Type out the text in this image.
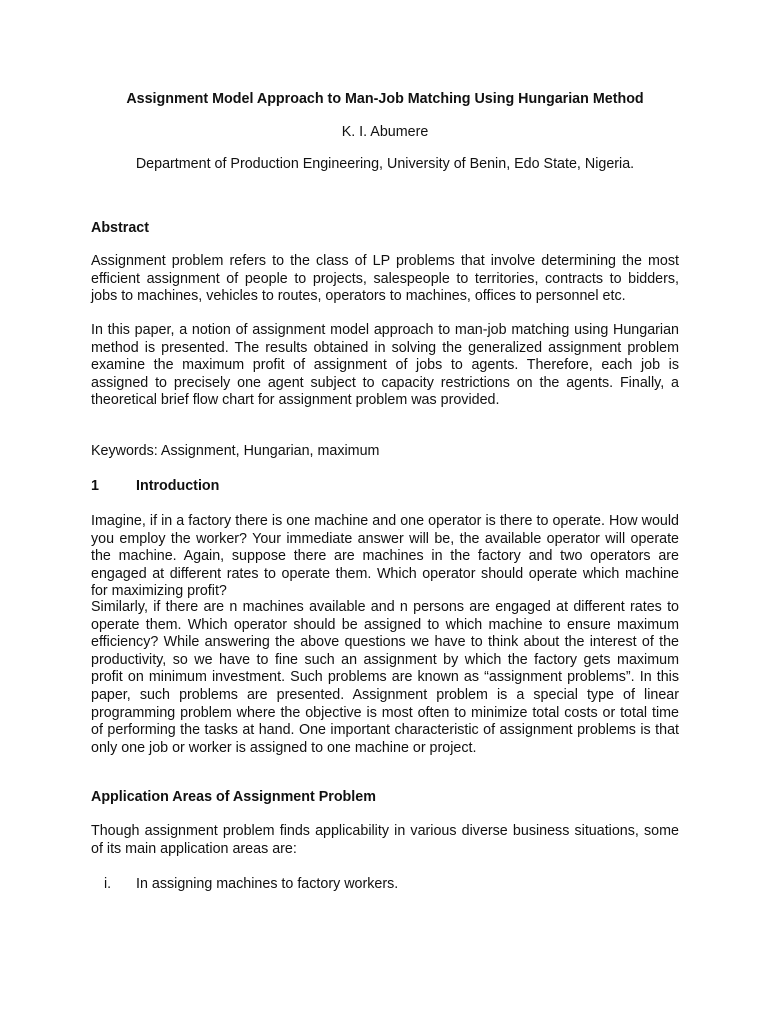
Assignment Model Approach to Man-Job Matching Using Hungarian Method

K. I. Abumere

Department of Production Engineering, University of Benin, Edo State, Nigeria.

Abstract

Assignment problem refers to the class of LP problems that involve determining the most efficient assignment of people to projects, salespeople to territories, contracts to bidders, jobs to machines, vehicles to routes, operators to machines, offices to personnel etc.

In this paper, a notion of assignment model approach to man-job matching using Hungarian method is presented. The results obtained in solving the generalized assignment problem examine the maximum profit of assignment of jobs to agents. Therefore, each job is assigned to precisely one agent subject to capacity restrictions on the agents. Finally, a theoretical brief flow chart for assignment problem was provided.

Keywords: Assignment, Hungarian, maximum

1	Introduction

Imagine, if in a factory there is one machine and one operator is there to operate. How would you employ the worker? Your immediate answer will be, the available operator will operate the machine. Again, suppose there are machines in the factory and two operators are engaged at different rates to operate them. Which operator should operate which machine for maximizing profit?

Similarly, if there are n machines available and n persons are engaged at different rates to operate them. Which operator should be assigned to which machine to ensure maximum efficiency? While answering the above questions we have to think about the interest of the productivity, so we have to fine such an assignment by which the factory gets maximum profit on minimum investment. Such problems are known as “assignment problems”. In this paper, such problems are presented. Assignment problem is a special type of linear programming problem where the objective is most often to minimize total costs or total time of performing the tasks at hand. One important characteristic of assignment problems is that only one job or worker is assigned to one machine or project.

Application Areas of Assignment Problem

Though assignment problem finds applicability in various diverse business situations, some of its main application areas are:

i.	In assigning machines to factory workers.
